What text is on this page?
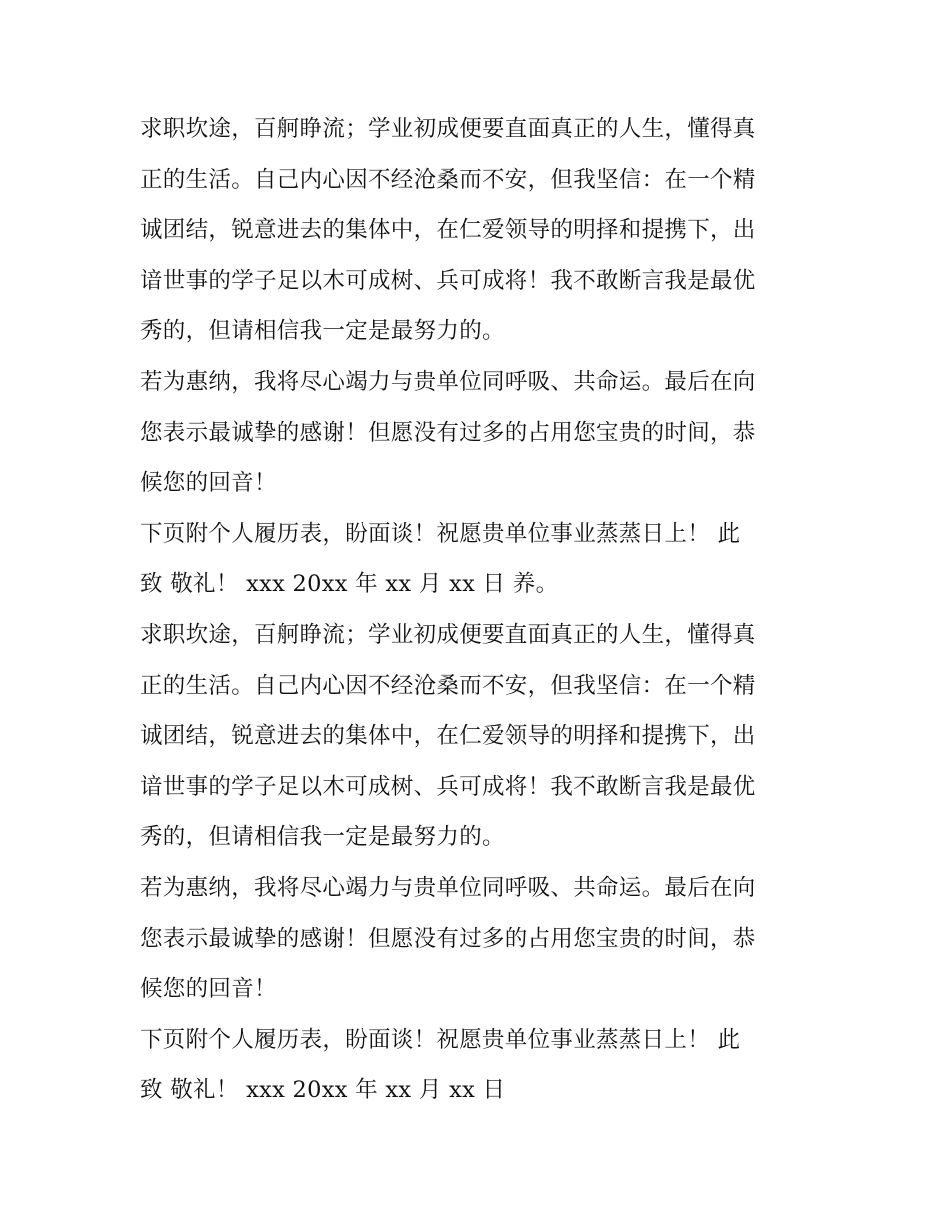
求职坎途，百舸睁流；学业初成便要直面真正的人生，懂得真
正的生活。自己内心因不经沧桑而不安，但我坚信：在一个精
诚团结，锐意进去的集体中，在仁爱领导的明择和提携下，出
谙世事的学子足以木可成树、兵可成将！我不敢断言我是最优
秀的，但请相信我一定是最努力的。

若为惠纳，我将尽心竭力与贵单位同呼吸、共命运。最后在向
您表示最诚挚的感谢！但愿没有过多的占用您宝贵的时间，恭
候您的回音！

下页附个人履历表，盼面谈！祝愿贵单位事业蒸蒸日上！ 此
致 敬礼！ xxx 20xx 年 xx 月 xx 日 养。

求职坎途，百舸睁流；学业初成便要直面真正的人生，懂得真
正的生活。自己内心因不经沧桑而不安，但我坚信：在一个精
诚团结，锐意进去的集体中，在仁爱领导的明择和提携下，出
谙世事的学子足以木可成树、兵可成将！我不敢断言我是最优
秀的，但请相信我一定是最努力的。

若为惠纳，我将尽心竭力与贵单位同呼吸、共命运。最后在向
您表示最诚挚的感谢！但愿没有过多的占用您宝贵的时间，恭
候您的回音！

下页附个人履历表，盼面谈！祝愿贵单位事业蒸蒸日上！ 此
致 敬礼！ xxx 20xx 年 xx 月 xx 日
